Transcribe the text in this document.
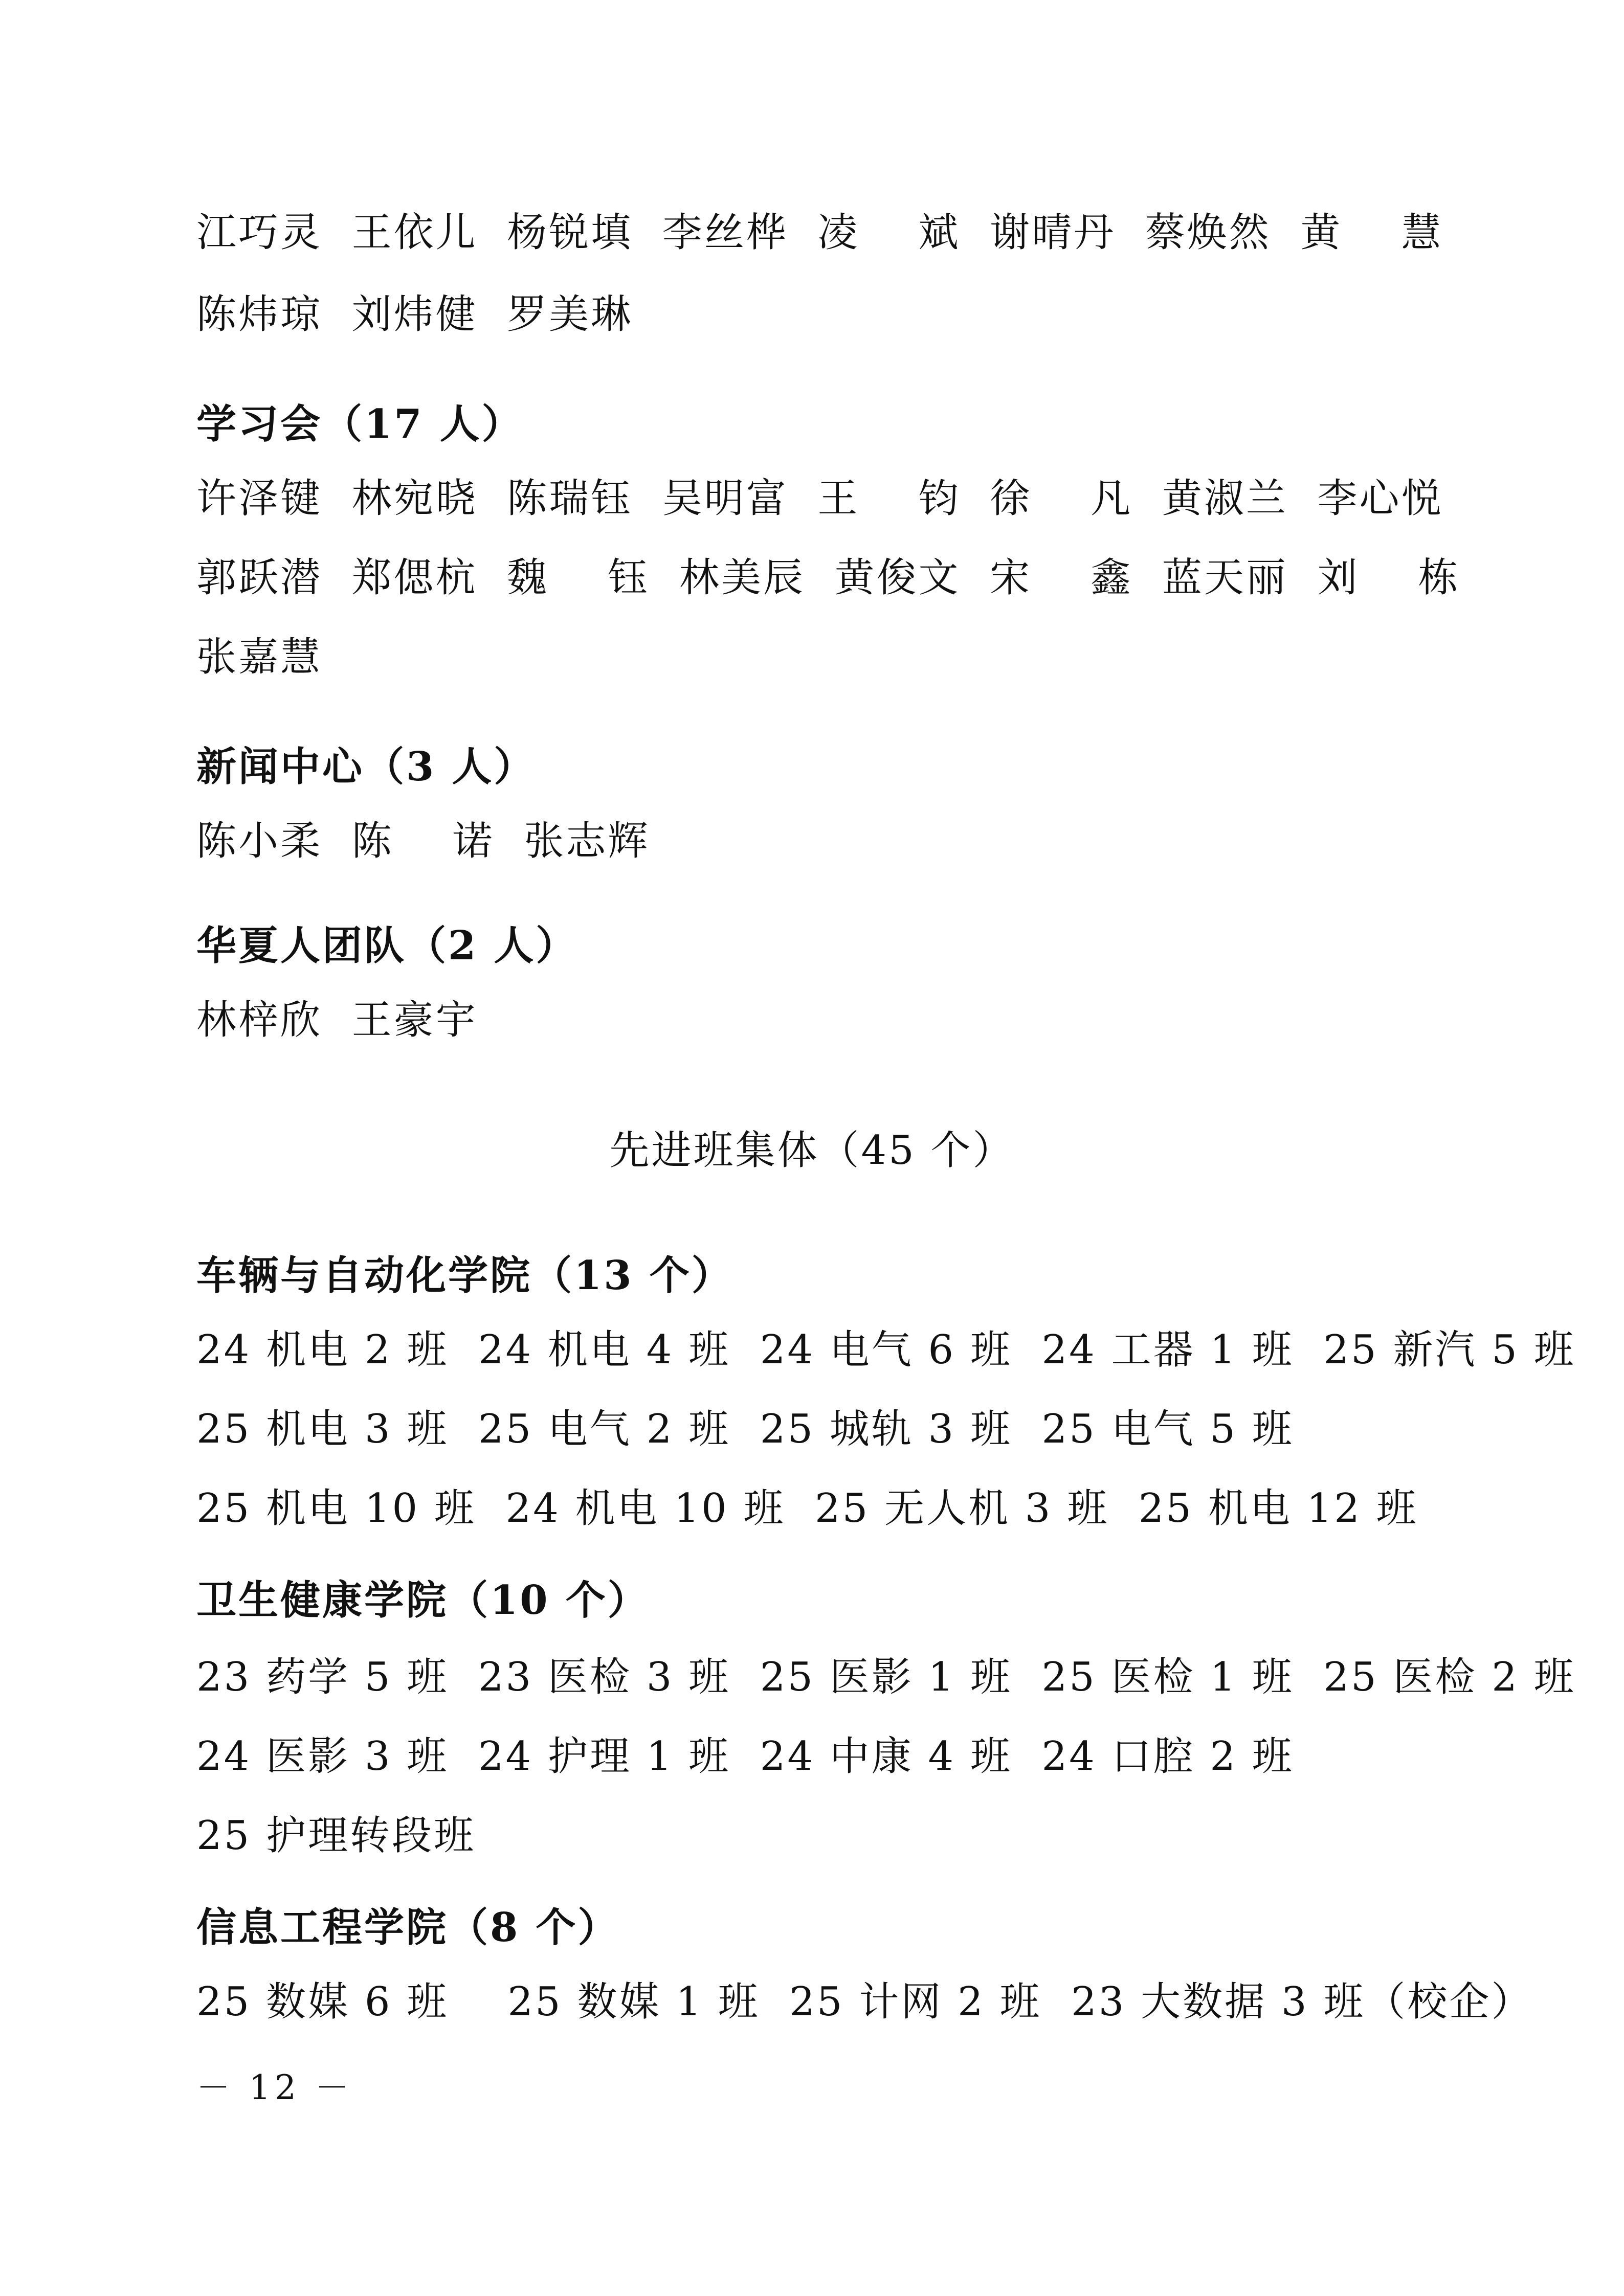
江巧灵  王依儿  杨锐填  李丝桦  凌    斌  谢晴丹  蔡焕然  黄    慧
陈炜琼  刘炜健  罗美琳
学习会（17 人）
许泽键  林宛晓  陈瑞钰  吴明富  王    钧  徐    凡  黄淑兰  李心悦
郭跃潜  郑偲杭  魏    钰  林美辰  黄俊文  宋    鑫  蓝天丽  刘    栋
张嘉慧
新闻中心（3 人）
陈小柔  陈    诺  张志辉
华夏人团队（2 人）
林梓欣  王豪宇
先进班集体（45 个）
车辆与自动化学院（13 个）
24 机电 2 班  24 机电 4 班  24 电气 6 班  24 工器 1 班  25 新汽 5 班
25 机电 3 班  25 电气 2 班  25 城轨 3 班  25 电气 5 班
25 机电 10 班  24 机电 10 班  25 无人机 3 班  25 机电 12 班
卫生健康学院（10 个）
23 药学 5 班  23 医检 3 班  25 医影 1 班  25 医检 1 班  25 医检 2 班
24 医影 3 班  24 护理 1 班  24 中康 4 班  24 口腔 2 班
25 护理转段班
信息工程学院（8 个）
25 数媒 6 班    25 数媒 1 班  25 计网 2 班  23 大数据 3 班（校企）
－ 12 －
